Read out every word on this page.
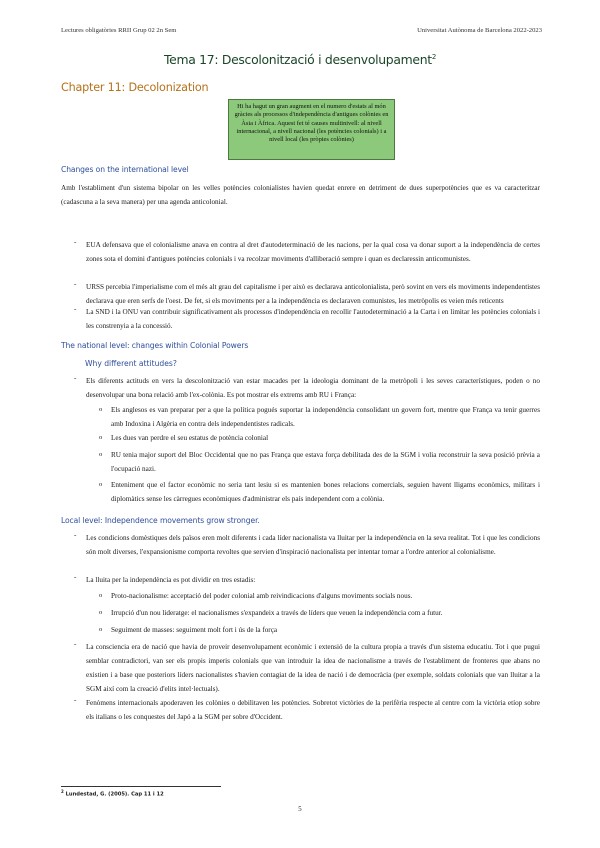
Lectures obligatòries RRII Grup 02 2n Sem	Universitat Autònoma de Barcelona 2022-2023
Tema 17: Descolonització i desenvolupament$^2$
Chapter 11: Decolonization
Hi ha hagut un gran augment en el numero d'estats al món gràcies als processos d'independència d'antigues colònies en Àsia i Àfrica. Aquest fet té causes multinivell: al nivell internacional, a nivell nacional (les potències colonials) i a nivell local (les pròpies colònies)
Changes on the international level
Amb l'establiment d'un sistema bipolar on les velles potències colonialistes havien quedat enrere en detriment de dues superpotències que es va caracteritzar (cadascuna a la seva manera) per una agenda anticolonial.
- EUA defensava que el colonialisme anava en contra al dret d'autodeterminació de les nacions, per la qual cosa va donar suport a la independència de certes zones sota el domini d'antigues potències colonials i va recolzar moviments d'alliberació sempre i quan es declaressin anticomunistes.
- URSS percebia l'imperialisme com el més alt grau del capitalisme i per això es declarava anticolonialista, però sovint en vers els moviments independentistes declarava que eren serfs de l'oest. De fet, si els moviments per a la independència es declaraven comunistes, les metròpolis es veien més reticents
- La SND i la ONU van contribuir significativament als processos d'independència en recollir l'autodeterminació a la Carta i en limitar les potències colonials i les constrenyia a la concessió.
The national level: changes within Colonial Powers
Why different attitudes?
- Els diferents actituds en vers la descolonització van estar macades per la ideologia dominant de la metròpoli i les seves característiques, poden o no desenvolupar una bona relació amb l'ex-colònia. Es pot mostrar els extrems amb RU i França:
o Els anglesos es van preparar per a que la política pogués suportar la independència consolidant un govern fort, mentre que França va tenir guerres amb Indoxina i Algèria en contra dels independentistes radicals.
o Les dues van perdre el seu estatus de potència colonial
o RU tenia major suport del Bloc Occidental que no pas França que estava força debilitada des de la SGM i volia reconstruir la seva posició prèvia a l'ocupació nazi.
o Enteniment que el factor econòmic no seria tant lesiu si es mantenien bones relacions comercials, seguien havent lligams econòmics, militars i diplomàtics sense les càrregues econòmiques d'administrar els país independent com a colònia.
Local level: Independence movements grow stronger.
- Les condicions domèstiques dels països eren molt diferents i cada líder nacionalista va lluitar per la independència en la seva realitat. Tot i que les condicions són molt diverses, l'expansionisme comporta revoltes que servien d'inspiració nacionalista per intentar tornar a l'ordre anterior al colonialisme.
- La lluita per la independència es pot dividir en tres estadis:
o Proto-nacionalisme: acceptació del poder colonial amb reivindicacions d'alguns moviments socials nous.
o Irrupció d'un nou lideratge: el nacionalismes s'expandeix a través de líders que veuen la independència com a futur.
o Seguiment de masses: seguiment molt fort i ús de la força
- La consciencia era de nació que havia de proveir desenvolupament econòmic i extensió de la cultura propia a través d'un sistema educatiu. Tot i que pugui semblar contradictori, van ser els propis imperis colonials que van introduir la idea de nacionalisme a través de l'establiment de fronteres que abans no existien i a base que posteriors líders nacionalistes s'havien contagiat de la idea de nació i de democràcia (per exemple, soldats colonials que van lluitar a la SGM així com la creació d'elits intel·lectuals).
- Fenòmens internacionals apoderaven les colònies o debilitaven les potències. Sobretot victòries de la perifèria respecte al centre com la victòria etíop sobre els italians o les conquestes del Japó a la SGM per sobre d'Occident.
$^2$ Lundestad, G. (2005). Cap 11 i 12
5
